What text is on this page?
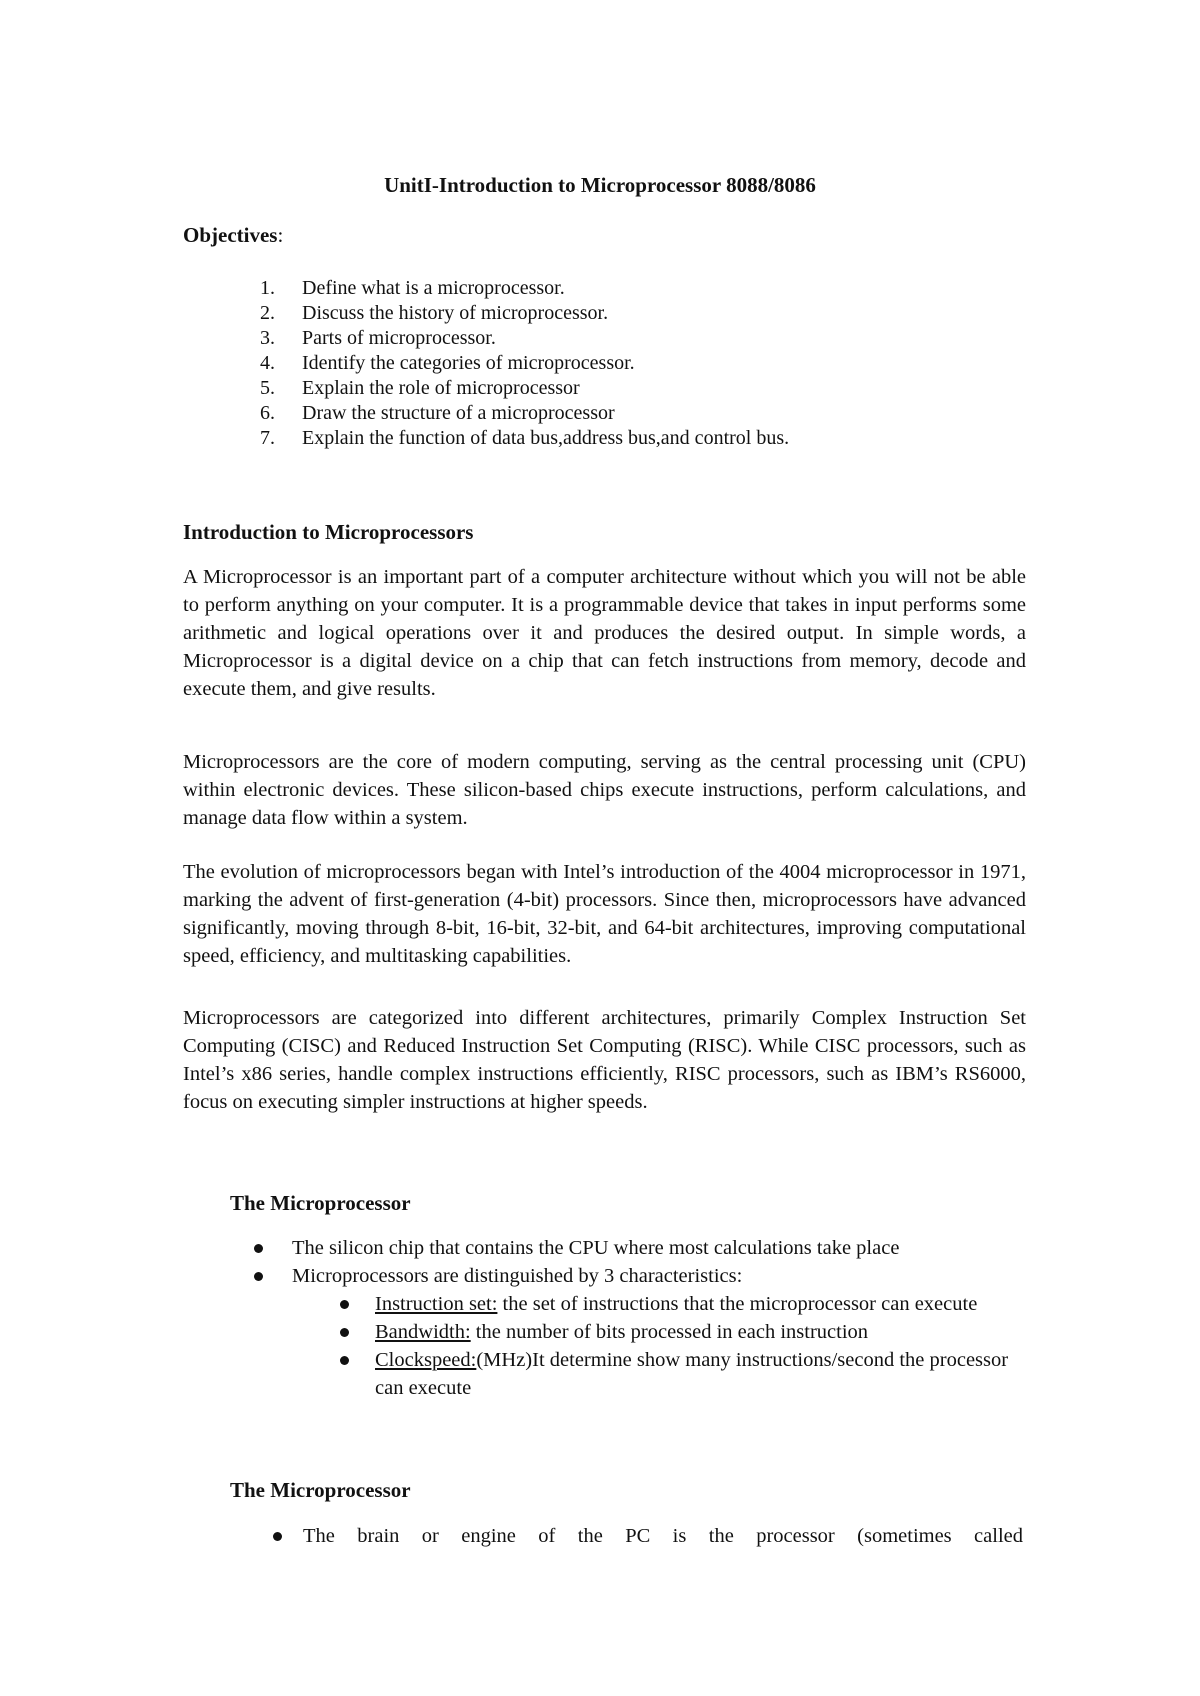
UnitI-Introduction to Microprocessor 8088/8086

Objectives:

1. Define what is a microprocessor.
2. Discuss the history of microprocessor.
3. Parts of microprocessor.
4. Identify the categories of microprocessor.
5. Explain the role of microprocessor
6. Draw the structure of a microprocessor
7. Explain the function of data bus,address bus,and control bus.
Introduction to Microprocessors

A Microprocessor is an important part of a computer architecture without which you will not be able to perform anything on your computer. It is a programmable device that takes in input performs some arithmetic and logical operations over it and produces the desired output. In simple words, a Microprocessor is a digital device on a chip that can fetch instructions from memory, decode and execute them, and give results.

Microprocessors are the core of modern computing, serving as the central processing unit (CPU) within electronic devices. These silicon-based chips execute instructions, perform calculations, and manage data flow within a system.

The evolution of microprocessors began with Intel’s introduction of the 4004 microprocessor in 1971, marking the advent of first-generation (4-bit) processors. Since then, microprocessors have advanced significantly, moving through 8-bit, 16-bit, 32-bit, and 64-bit architectures, improving computational speed, efficiency, and multitasking capabilities.

Microprocessors are categorized into different architectures, primarily Complex Instruction Set Computing (CISC) and Reduced Instruction Set Computing (RISC). While CISC processors, such as Intel’s x86 series, handle complex instructions efficiently, RISC processors, such as IBM’s RS6000, focus on executing simpler instructions at higher speeds.

The Microprocessor
The silicon chip that contains the CPU where most calculations take place
Microprocessors are distinguished by 3 characteristics:
Instruction set: the set of instructions that the microprocessor can execute
Bandwidth: the number of bits processed in each instruction
Clockspeed:(MHz)It determine show many instructions/second the processor can execute
The Microprocessor
The brain or engine of the PC is the processor (sometimes called
